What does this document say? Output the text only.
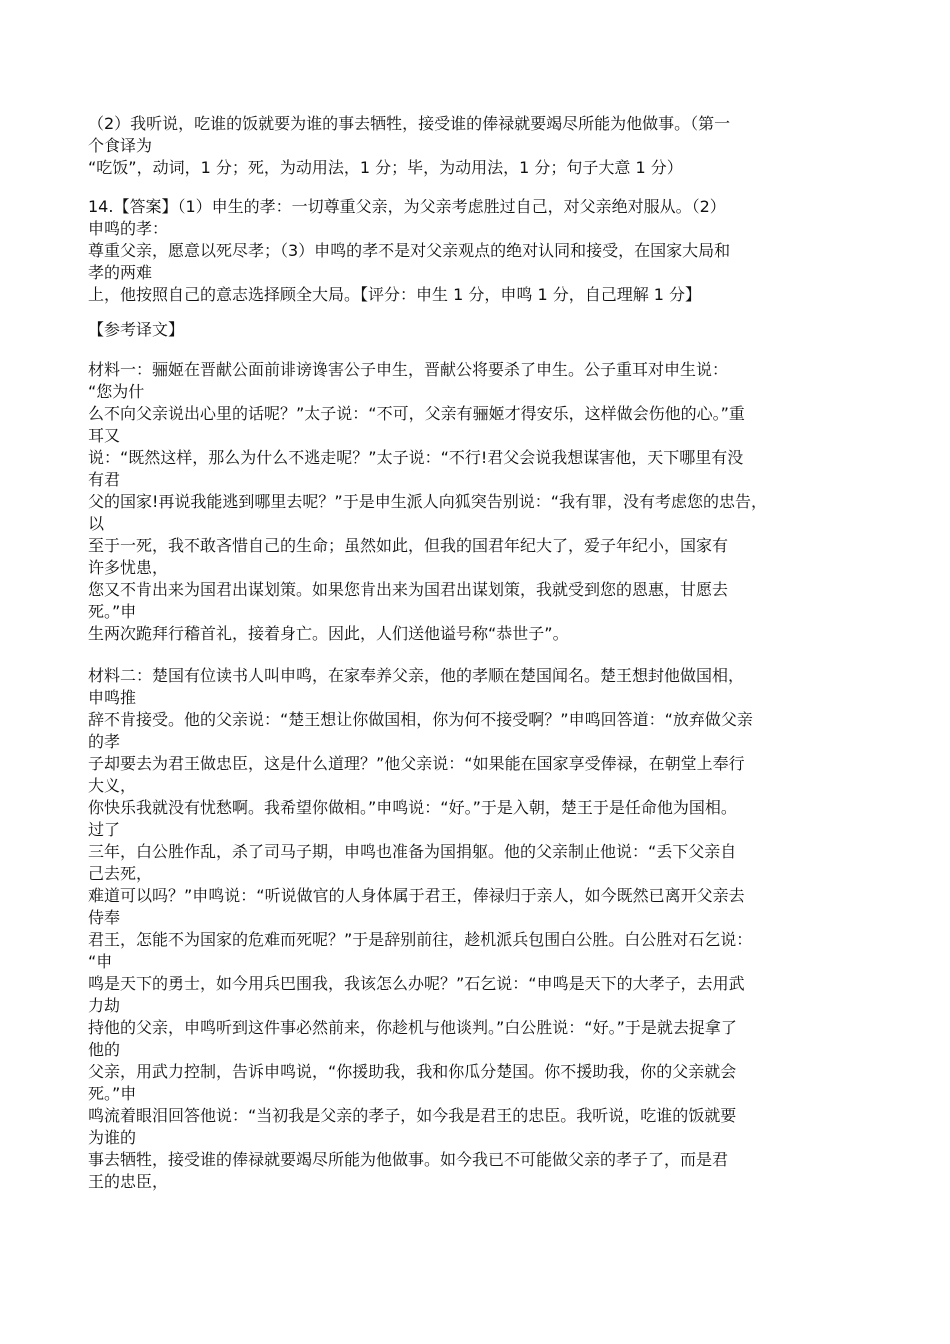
（2）我听说，吃谁的饭就要为谁的事去牺牲，接受谁的俸禄就要竭尽所能为他做事。（第一
个食译为
“吃饭”，动词，1 分；死，为动用法，1 分；毕，为动用法，1 分；句子大意 1 分）
14.【答案】（1）申生的孝：一切尊重父亲，为父亲考虑胜过自己，对父亲绝对服从。（2）
申鸣的孝：
尊重父亲，愿意以死尽孝；（3）申鸣的孝不是对父亲观点的绝对认同和接受，在国家大局和
孝的两难
上，他按照自己的意志选择顾全大局。【评分：申生 1 分，申鸣 1 分，自己理解 1 分】
【参考译文】
材料一：骊姬在晋献公面前诽谤谗害公子申生，晋献公将要杀了申生。公子重耳对申生说：
“您为什
么不向父亲说出心里的话呢？”太子说：“不可，父亲有骊姬才得安乐，这样做会伤他的心。”重
耳又
说：“既然这样，那么为什么不逃走呢？”太子说：“不行!君父会说我想谋害他，天下哪里有没
有君
父的国家!再说我能逃到哪里去呢？”于是申生派人向狐突告别说：“我有罪，没有考虑您的忠告，
以
至于一死，我不敢吝惜自己的生命；虽然如此，但我的国君年纪大了，爱子年纪小，国家有
许多忧患，
您又不肯出来为国君出谋划策。如果您肯出来为国君出谋划策，我就受到您的恩惠，甘愿去
死。”申
生两次跪拜行稽首礼，接着身亡。因此，人们送他谥号称“恭世子”。
材料二：楚国有位读书人叫申鸣，在家奉养父亲，他的孝顺在楚国闻名。楚王想封他做国相，
申鸣推
辞不肯接受。他的父亲说：“楚王想让你做国相，你为何不接受啊？”申鸣回答道：“放弃做父亲
的孝
子却要去为君王做忠臣，这是什么道理？”他父亲说：“如果能在国家享受俸禄，在朝堂上奉行
大义，
你快乐我就没有忧愁啊。我希望你做相。”申鸣说：“好。”于是入朝，楚王于是任命他为国相。
过了
三年，白公胜作乱，杀了司马子期，申鸣也准备为国捐躯。他的父亲制止他说：“丢下父亲自
己去死，
难道可以吗？”申鸣说：“听说做官的人身体属于君王，俸禄归于亲人，如今既然已离开父亲去
侍奉
君王，怎能不为国家的危难而死呢？”于是辞别前往，趁机派兵包围白公胜。白公胜对石乞说：
“申
鸣是天下的勇士，如今用兵巴围我，我该怎么办呢？”石乞说：“申鸣是天下的大孝子，去用武
力劫
持他的父亲，申鸣听到这件事必然前来，你趁机与他谈判。”白公胜说：“好。”于是就去捉拿了
他的
父亲，用武力控制，告诉申鸣说，“你援助我，我和你瓜分楚国。你不援助我，你的父亲就会
死。”申
鸣流着眼泪回答他说：“当初我是父亲的孝子，如今我是君王的忠臣。我听说，吃谁的饭就要
为谁的
事去牺牲，接受谁的俸禄就要竭尽所能为他做事。如今我已不可能做父亲的孝子了，而是君
王的忠臣，
